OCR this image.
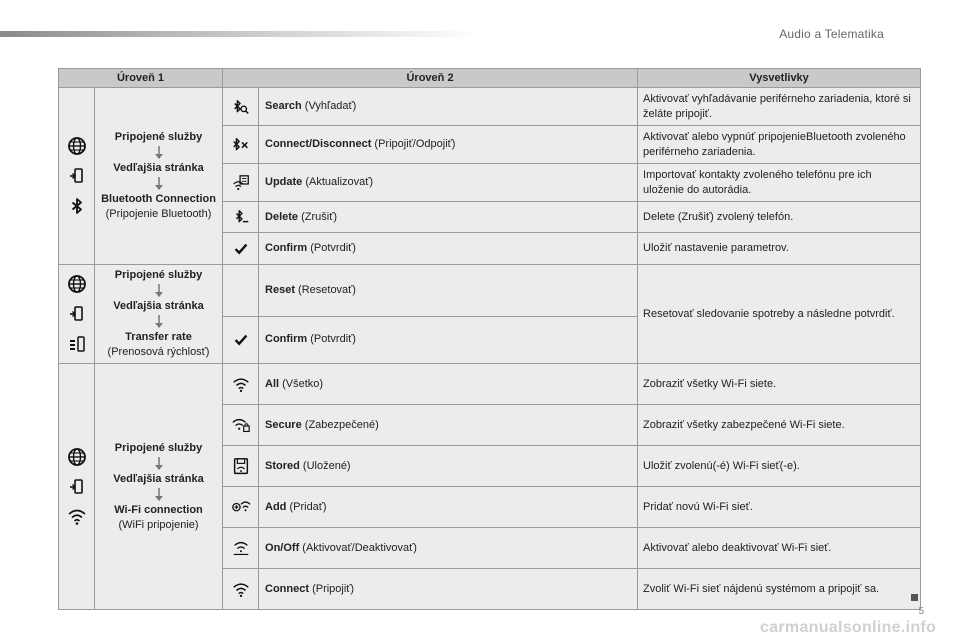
Audio a Telematika
Úroveň 1		Úroveň 2		Vysvetlivky

Pripojené služby
Vedľajšia stránka
Bluetooth Connection
(Pripojenie Bluetooth)		Search (Vyhľadať)	Aktivovať vyhľadávanie periférneho zariadenia, ktoré si želáte pripojiť.
	Connect/Disconnect (Pripojiť/Odpojiť)	Aktivovať alebo vypnúť pripojenieBluetooth zvoleného periférneho zariadenia.
	Update (Aktualizovať)	Importovať kontakty zvoleného telefónu pre ich uloženie do autorádia.
	Delete (Zrušiť)	Delete (Zrušiť) zvolený telefón.
	Confirm (Potvrdiť)	Uložiť nastavenie parametrov.

Pripojené služby
Vedľajšia stránka
Transfer rate
(Prenosová rýchlosť)		Reset (Resetovať)	Resetovať sledovanie spotreby a následne potvrdiť.
	Confirm (Potvrdiť)	

Pripojené služby
Vedľajšia stránka
Wi-Fi connection
(WiFi pripojenie)		All (Všetko)	Zobraziť všetky Wi-Fi siete.
	Secure (Zabezpečené)	Zobraziť všetky zabezpečené Wi-Fi siete.
	Stored (Uložené)	Uložiť zvolenú(-é) Wi-Fi sieť(-e).
	Add (Pridať)	Pridať novú Wi-Fi sieť.
	On/Off (Aktivovať/Deaktivovať)	Aktivovať alebo deaktivovať Wi-Fi sieť.
	Connect (Pripojiť)	Zvoliť Wi-Fi sieť nájdenú systémom a pripojiť sa.
5
carmanualsonline.info
